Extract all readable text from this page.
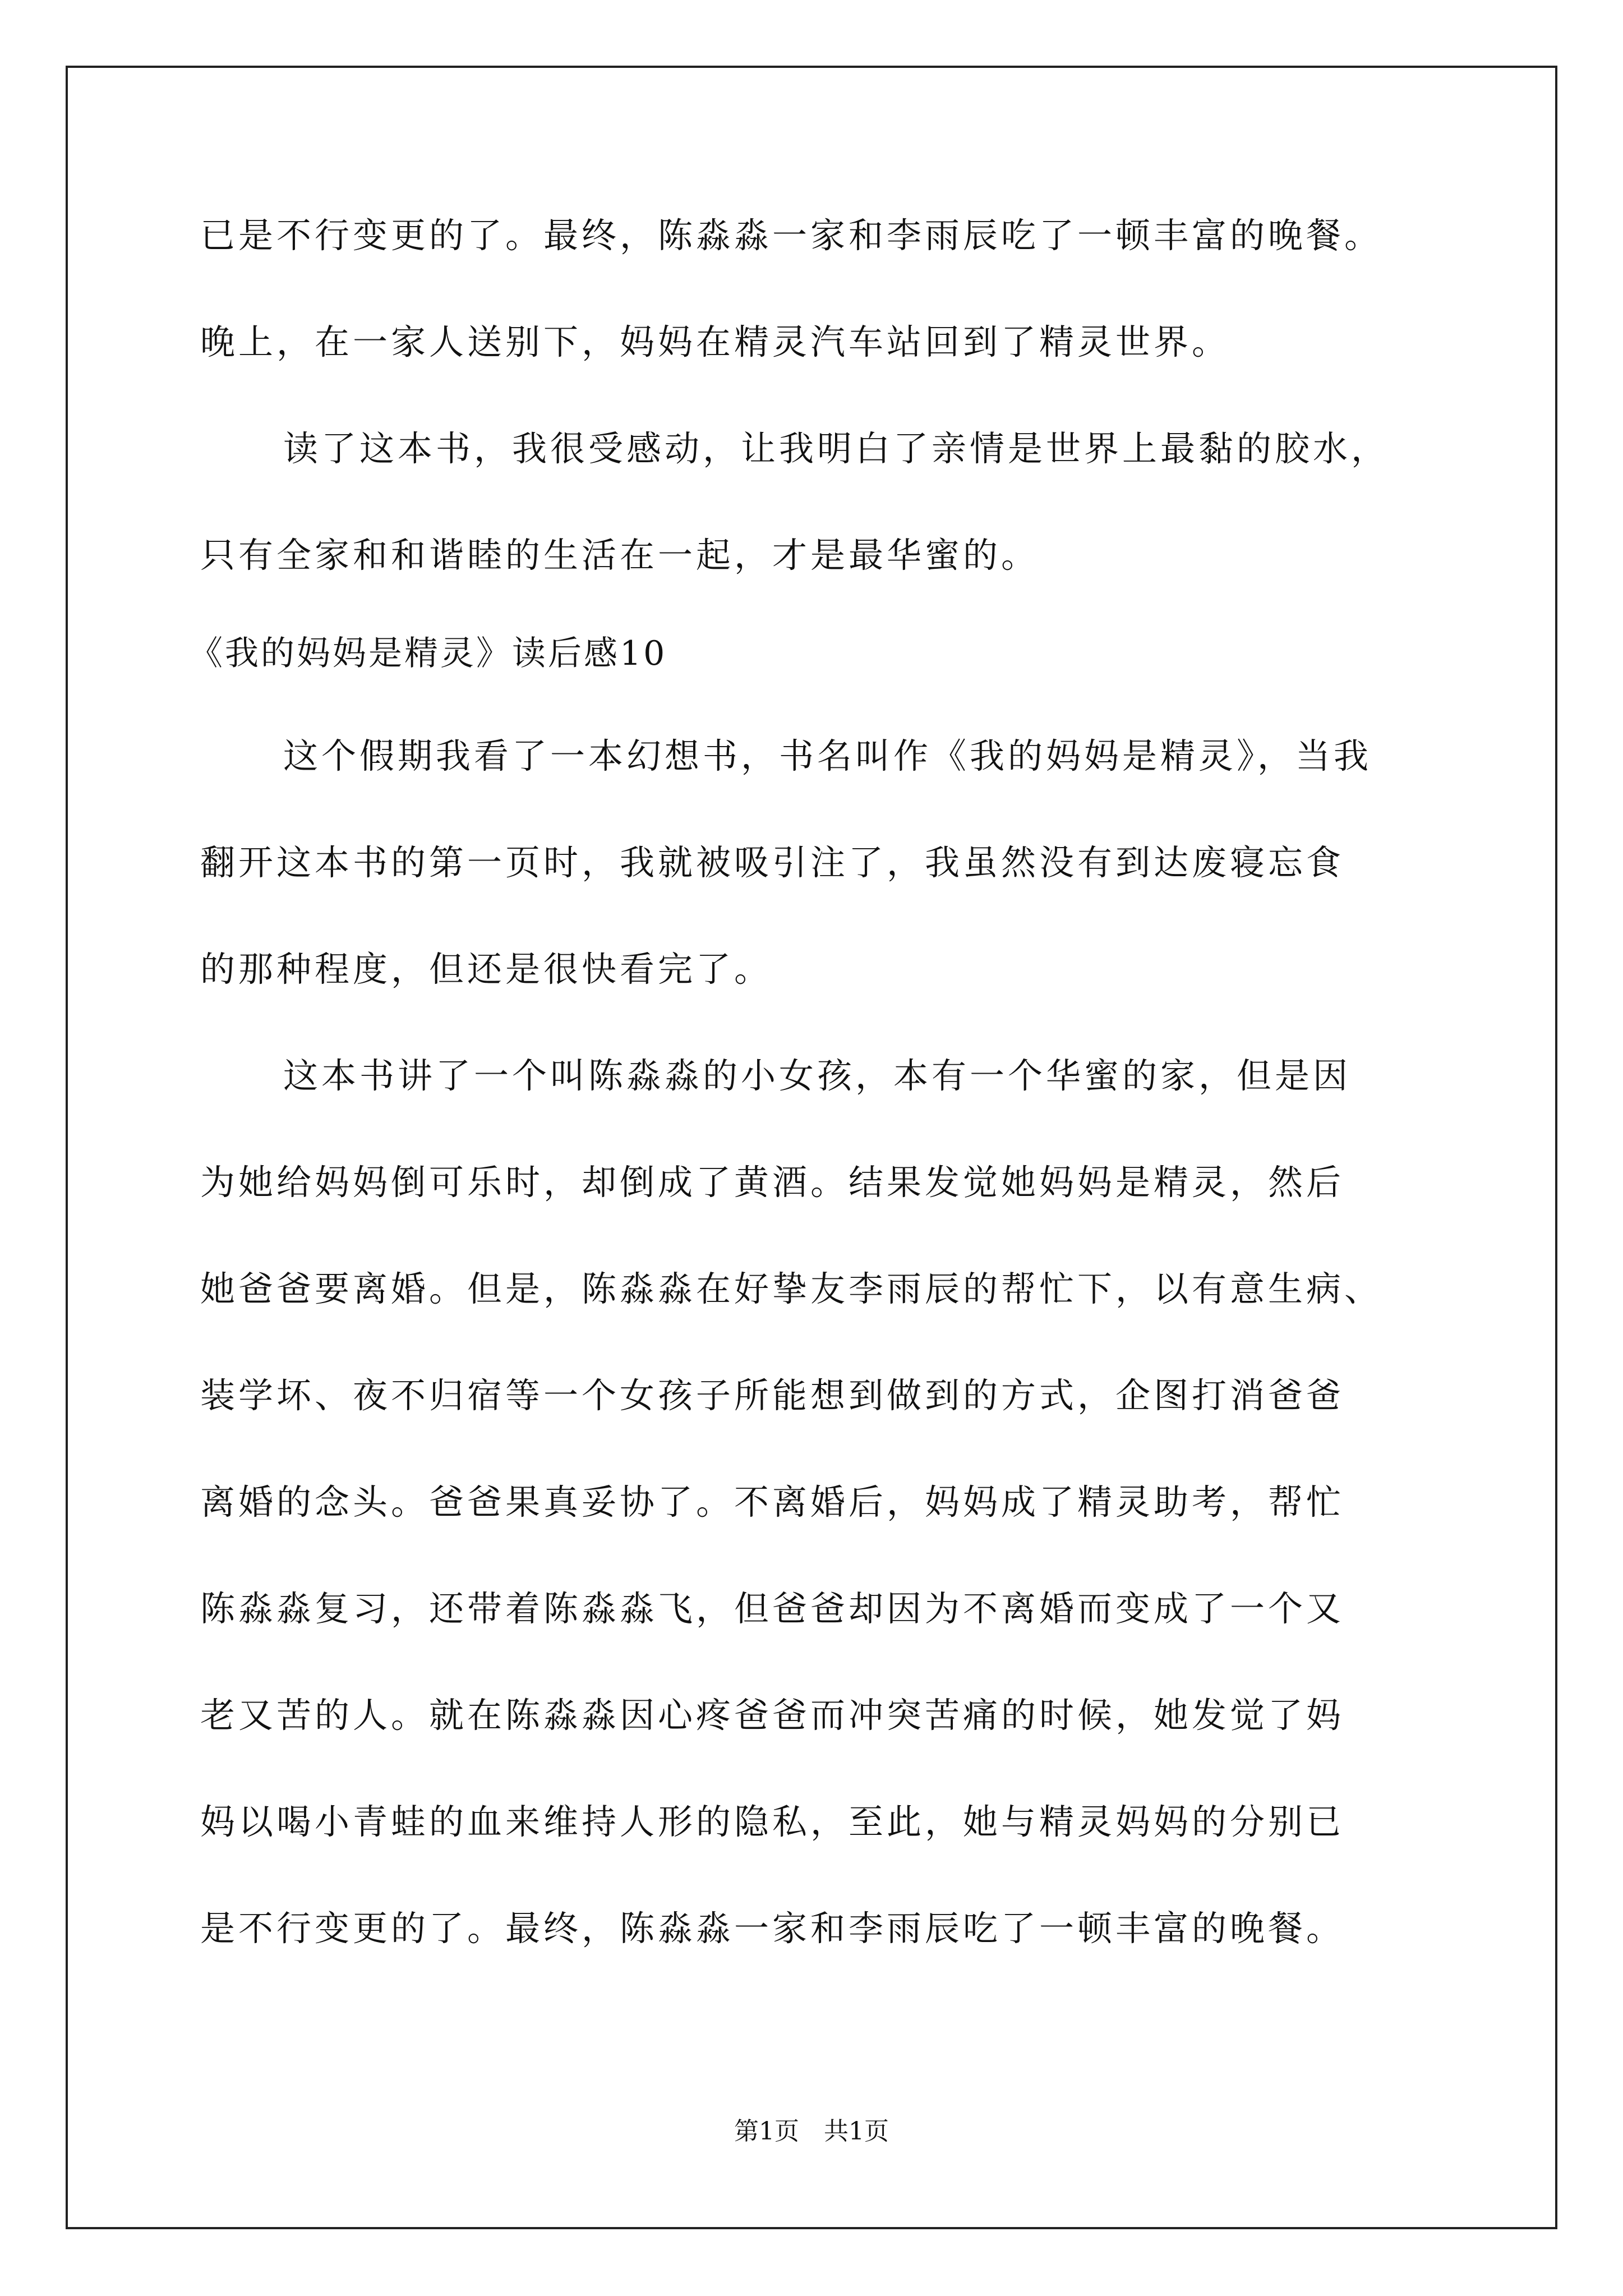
已是不行变更的了。最终，陈淼淼一家和李雨辰吃了一顿丰富的晚餐。
晚上，在一家人送别下，妈妈在精灵汽车站回到了精灵世界。
读了这本书，我很受感动，让我明白了亲情是世界上最黏的胶水，
只有全家和和谐睦的生活在一起，才是最华蜜的。
《我的妈妈是精灵》读后感10
这个假期我看了一本幻想书，书名叫作《我的妈妈是精灵》，当我
翻开这本书的第一页时，我就被吸引注了，我虽然没有到达废寝忘食
的那种程度，但还是很快看完了。
这本书讲了一个叫陈淼淼的小女孩，本有一个华蜜的家，但是因
为她给妈妈倒可乐时，却倒成了黄酒。结果发觉她妈妈是精灵，然后
她爸爸要离婚。但是，陈淼淼在好挚友李雨辰的帮忙下，以有意生病、
装学坏、夜不归宿等一个女孩子所能想到做到的方式，企图打消爸爸
离婚的念头。爸爸果真妥协了。不离婚后，妈妈成了精灵助考，帮忙
陈淼淼复习，还带着陈淼淼飞，但爸爸却因为不离婚而变成了一个又
老又苦的人。就在陈淼淼因心疼爸爸而冲突苦痛的时候，她发觉了妈
妈以喝小青蛙的血来维持人形的隐私，至此，她与精灵妈妈的分别已
是不行变更的了。最终，陈淼淼一家和李雨辰吃了一顿丰富的晚餐。
第1页　共1页
